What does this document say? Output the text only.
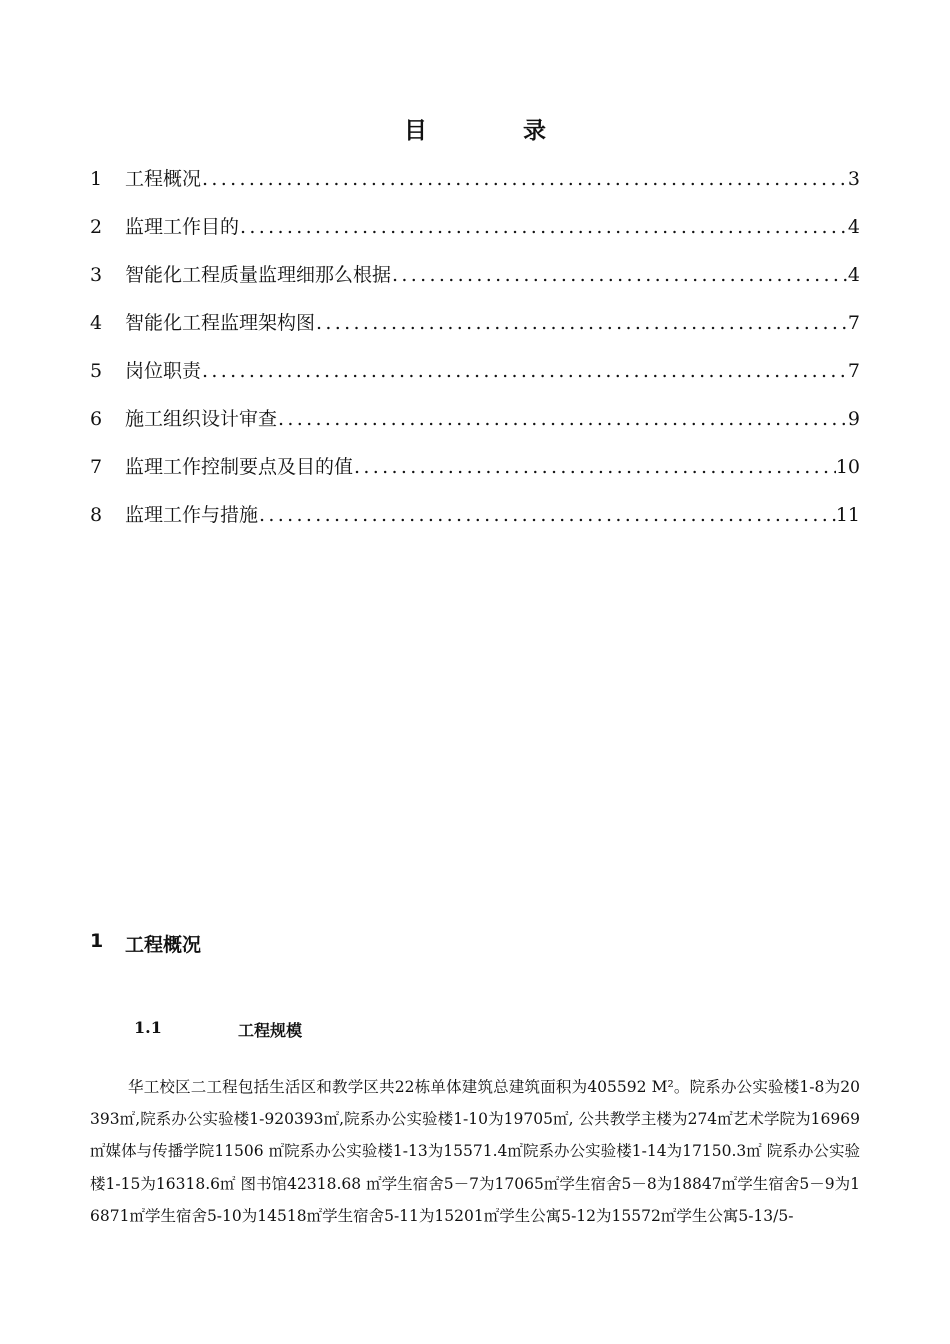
目 录
1	工程概况 . . .	3
2	监理工作目的 . . .	4
3	智能化工程质量监理细那么根据 . . .	4
4	智能化工程监理架构图 . . .	7
5	岗位职责 . . .	7
6	施工组织设计审查 . . .	9
7	监理工作控制要点及目的值 . . .	10
8	监理工作与措施 . . .	11
1	工程概况
1.1	工程规模

华工校区二工程包括生活区和教学区共22栋单体建筑总建筑面积为405592 M²。院系办公实验楼1-8为20393㎡,院系办公实验楼1-920393㎡,院系办公实验楼1-10为19705㎡, 公共教学主楼为274㎡艺术学院为16969 ㎡媒体与传播学院11506 ㎡院系办公实验楼1-13为15571.4㎡院系办公实验楼1-14为17150.3㎡ 院系办公实验楼1-15为16318.6㎡ 图书馆42318.68 ㎡学生宿舍5－7为17065㎡学生宿舍5－8为18847㎡学生宿舍5－9为16871㎡学生宿舍5-10为14518㎡学生宿舍5-11为15201㎡学生公寓5-12为15572㎡学生公寓5-13/5-
